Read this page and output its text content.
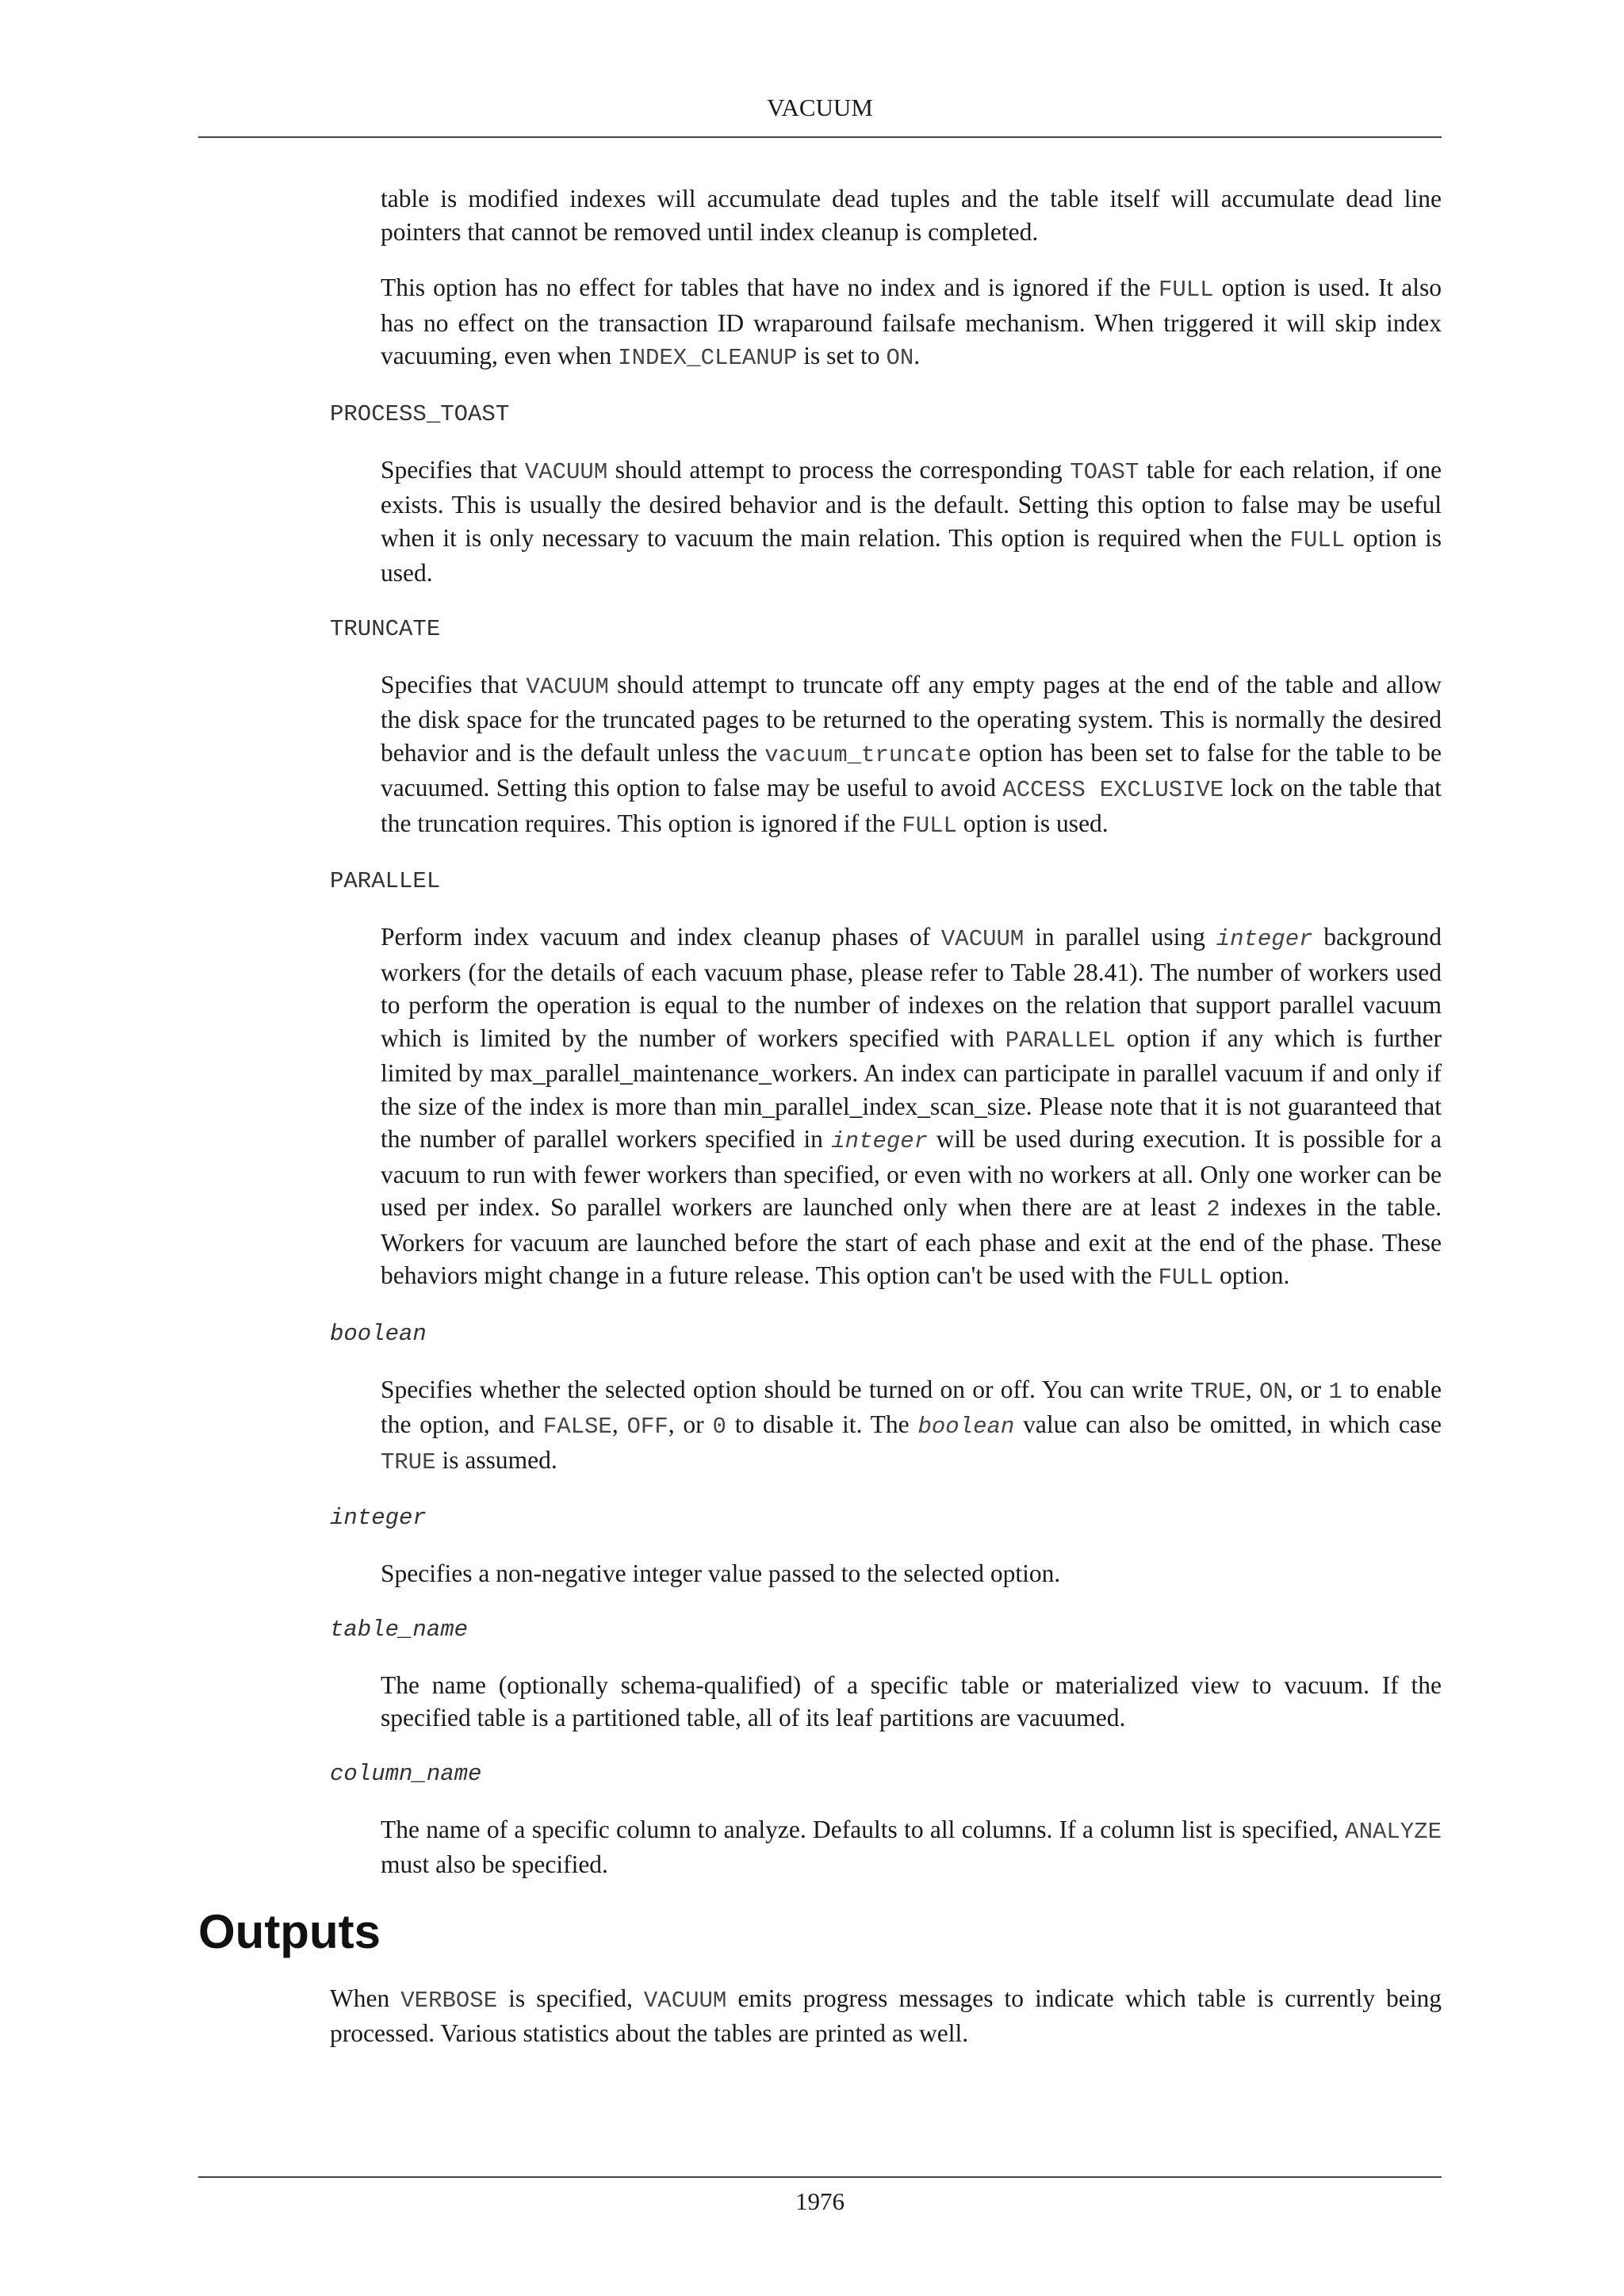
VACUUM

table is modified indexes will accumulate dead tuples and the table itself will accumulate dead line pointers that cannot be removed until index cleanup is completed.

This option has no effect for tables that have no index and is ignored if the FULL option is used. It also has no effect on the transaction ID wraparound failsafe mechanism. When triggered it will skip index vacuuming, even when INDEX_CLEANUP is set to ON.

PROCESS_TOAST

Specifies that VACUUM should attempt to process the corresponding TOAST table for each relation, if one exists. This is usually the desired behavior and is the default. Setting this option to false may be useful when it is only necessary to vacuum the main relation. This option is required when the FULL option is used.

TRUNCATE

Specifies that VACUUM should attempt to truncate off any empty pages at the end of the table and allow the disk space for the truncated pages to be returned to the operating system. This is normally the desired behavior and is the default unless the vacuum_truncate option has been set to false for the table to be vacuumed. Setting this option to false may be useful to avoid ACCESS EXCLUSIVE lock on the table that the truncation requires. This option is ignored if the FULL option is used.

PARALLEL

Perform index vacuum and index cleanup phases of VACUUM in parallel using integer background workers (for the details of each vacuum phase, please refer to Table 28.41). The number of workers used to perform the operation is equal to the number of indexes on the relation that support parallel vacuum which is limited by the number of workers specified with PARALLEL option if any which is further limited by max_parallel_maintenance_workers. An index can participate in parallel vacuum if and only if the size of the index is more than min_parallel_index_scan_size. Please note that it is not guaranteed that the number of parallel workers specified in integer will be used during execution. It is possible for a vacuum to run with fewer workers than specified, or even with no workers at all. Only one worker can be used per index. So parallel workers are launched only when there are at least 2 indexes in the table. Workers for vacuum are launched before the start of each phase and exit at the end of the phase. These behaviors might change in a future release. This option can't be used with the FULL option.

boolean

Specifies whether the selected option should be turned on or off. You can write TRUE, ON, or 1 to enable the option, and FALSE, OFF, or 0 to disable it. The boolean value can also be omitted, in which case TRUE is assumed.

integer

Specifies a non-negative integer value passed to the selected option.

table_name

The name (optionally schema-qualified) of a specific table or materialized view to vacuum. If the specified table is a partitioned table, all of its leaf partitions are vacuumed.

column_name

The name of a specific column to analyze. Defaults to all columns. If a column list is specified, ANALYZE must also be specified.

Outputs

When VERBOSE is specified, VACUUM emits progress messages to indicate which table is currently being processed. Various statistics about the tables are printed as well.

1976
